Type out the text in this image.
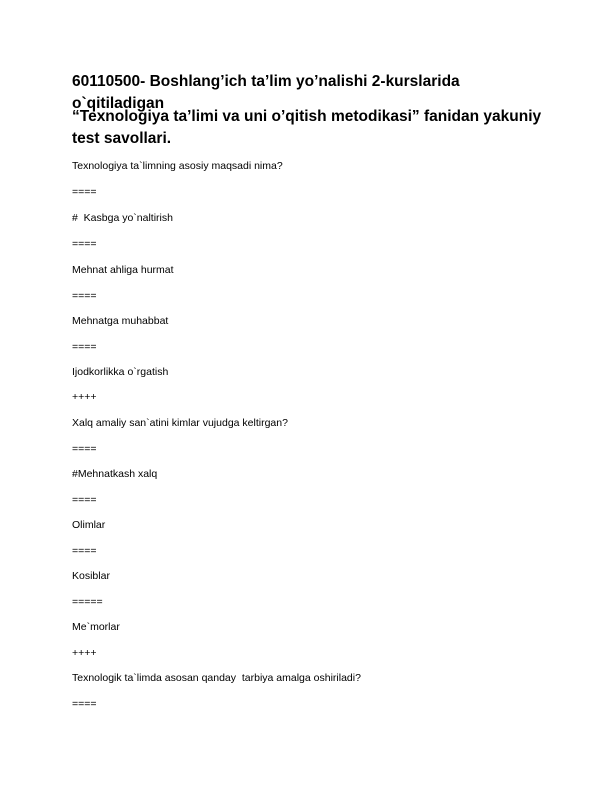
60110500- Boshlang’ich ta’lim yo’nalishi 2-kurslarida o`qitiladigan
“Texnologiya ta’limi va uni o’qitish metodikasi” fanidan yakuniy test savollari.

Texnologiya ta`limning asosiy maqsadi nima?

====

#  Kasbga yo`naltirish

====

Mehnat ahliga hurmat

====

Mehnatga muhabbat

====

Ijodkorlikka o`rgatish

++++

Xalq amaliy san`atini kimlar vujudga keltirgan?

====

#Mehnatkash xalq

====

Olimlar

====

Kosiblar

=====

Me`morlar

++++

Texnologik ta`limda asosan qanday  tarbiya amalga oshiriladi?

====
